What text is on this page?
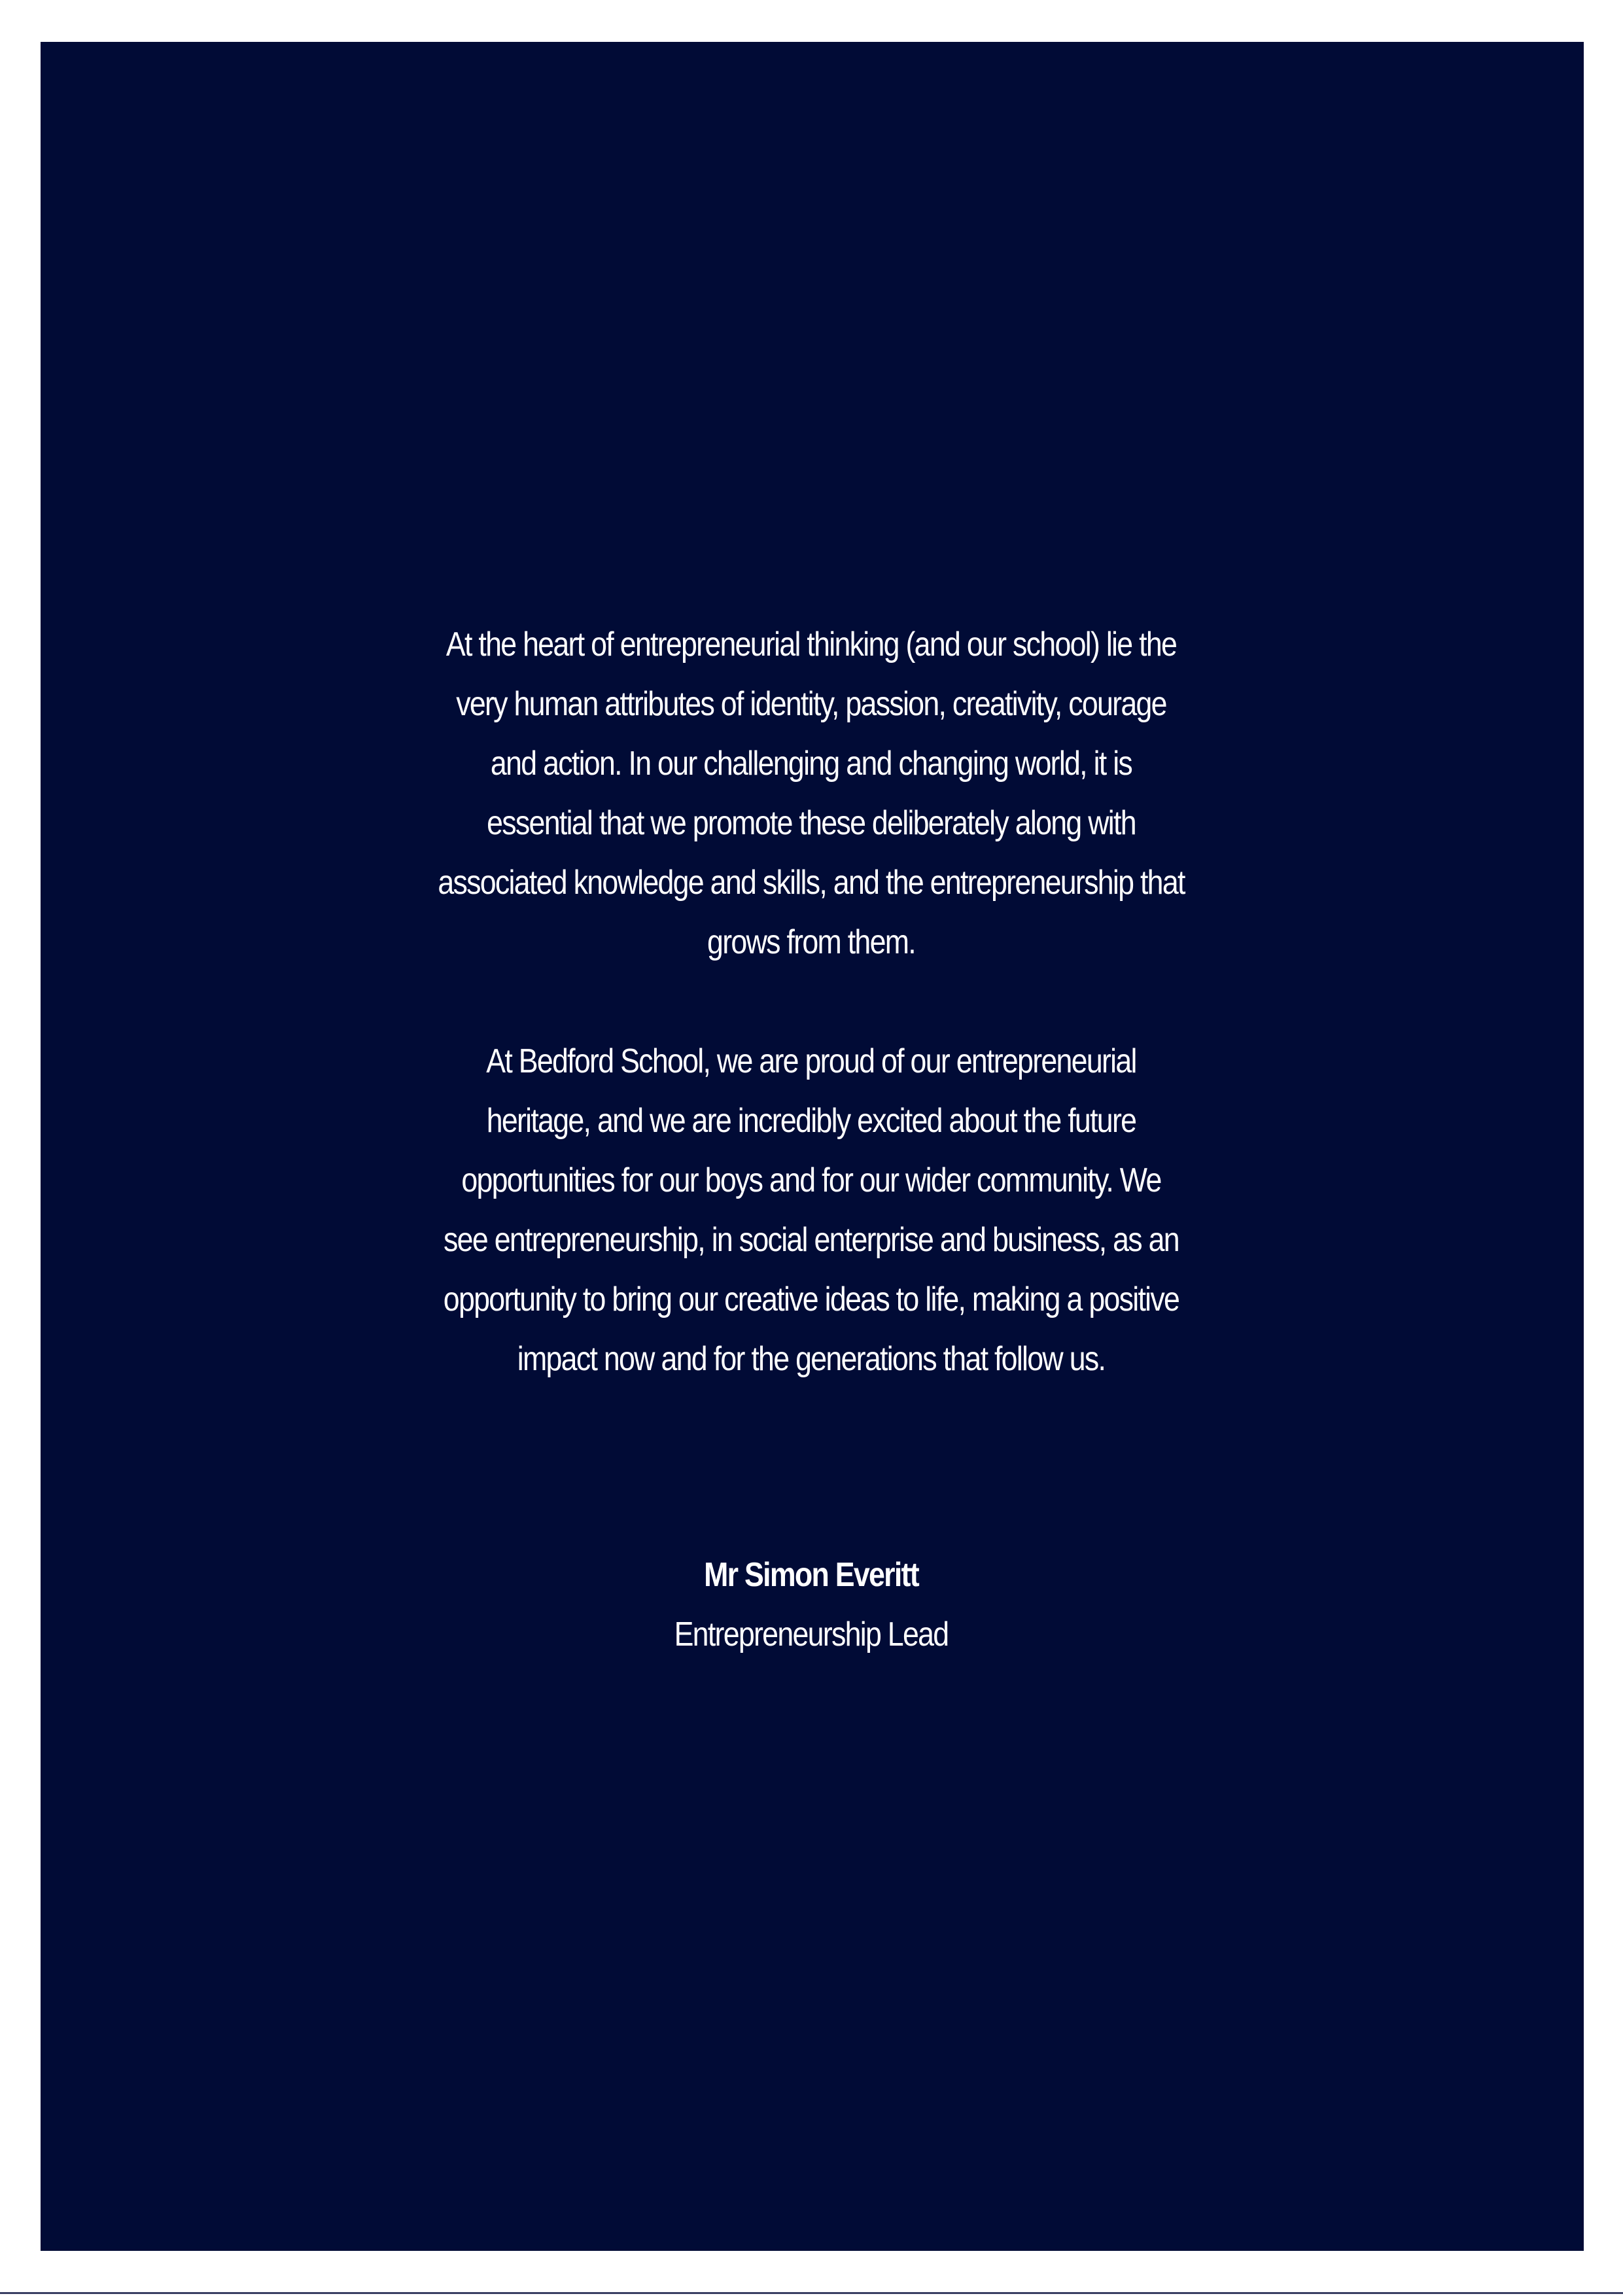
At the heart of entrepreneurial thinking (and our school) lie the
very human attributes of identity, passion, creativity, courage
and action. In our challenging and changing world, it is
essential that we promote these deliberately along with
associated knowledge and skills, and the entrepreneurship that
grows from them.

At Bedford School, we are proud of our entrepreneurial
heritage, and we are incredibly excited about the future
opportunities for our boys and for our wider community. We
see entrepreneurship, in social enterprise and business, as an
opportunity to bring our creative ideas to life, making a positive
impact now and for the generations that follow us.

Mr Simon Everitt
Entrepreneurship Lead
